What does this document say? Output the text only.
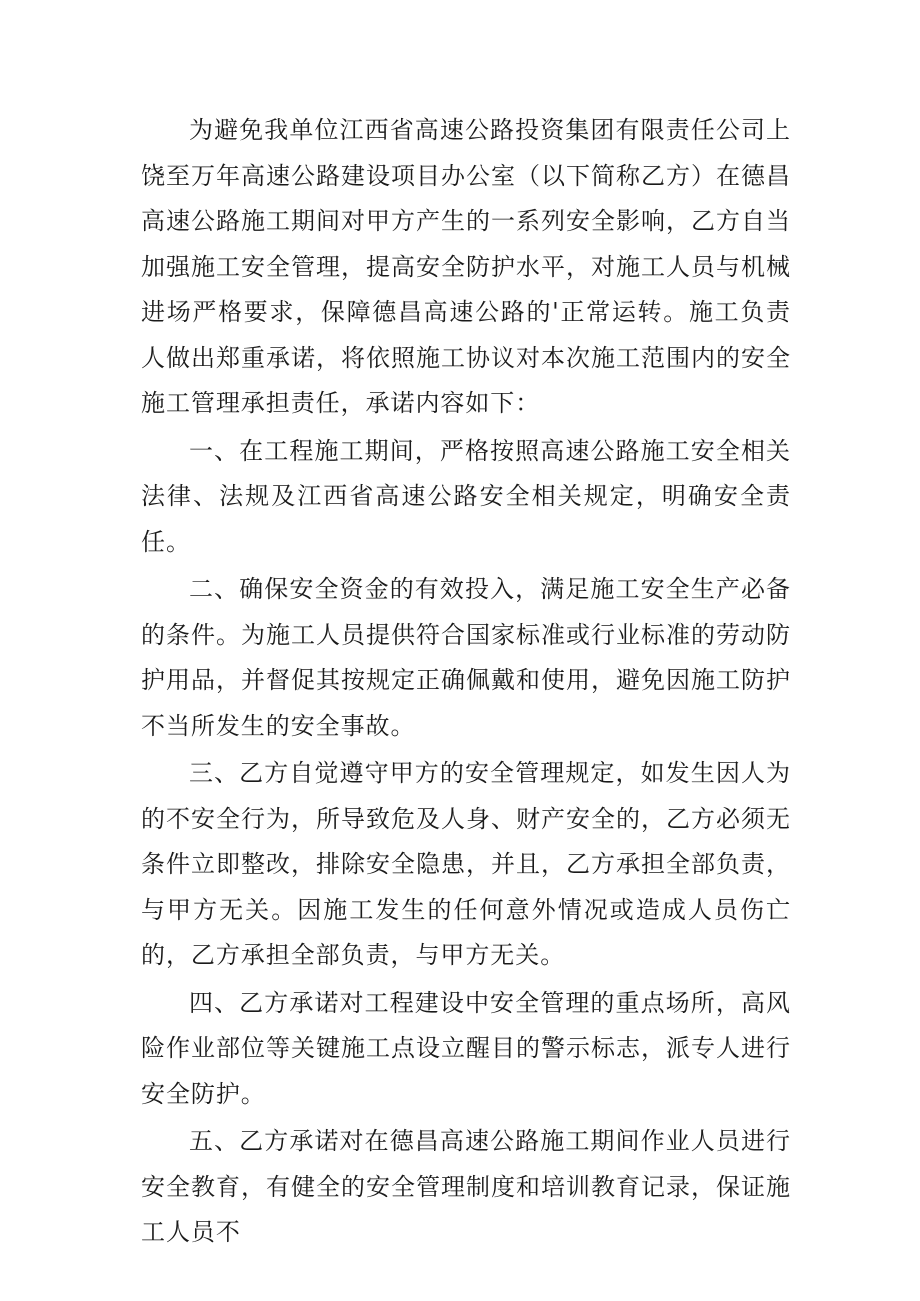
为避免我单位江西省高速公路投资集团有限责任公司上饶至万年高速公路建设项目办公室（以下简称乙方）在德昌高速公路施工期间对甲方产生的一系列安全影响，乙方自当加强施工安全管理，提高安全防护水平，对施工人员与机械进场严格要求，保障德昌高速公路的'正常运转。施工负责人做出郑重承诺，将依照施工协议对本次施工范围内的安全施工管理承担责任，承诺内容如下：

一、在工程施工期间，严格按照高速公路施工安全相关法律、法规及江西省高速公路安全相关规定，明确安全责任。

二、确保安全资金的有效投入，满足施工安全生产必备的条件。为施工人员提供符合国家标准或行业标准的劳动防护用品，并督促其按规定正确佩戴和使用，避免因施工防护不当所发生的安全事故。

三、乙方自觉遵守甲方的安全管理规定，如发生因人为的不安全行为，所导致危及人身、财产安全的，乙方必须无条件立即整改，排除安全隐患，并且，乙方承担全部负责，与甲方无关。因施工发生的任何意外情况或造成人员伤亡的，乙方承担全部负责，与甲方无关。

四、乙方承诺对工程建设中安全管理的重点场所，高风险作业部位等关键施工点设立醒目的警示标志，派专人进行安全防护。

五、乙方承诺对在德昌高速公路施工期间作业人员进行安全教育，有健全的安全管理制度和培训教育记录，保证施工人员不
